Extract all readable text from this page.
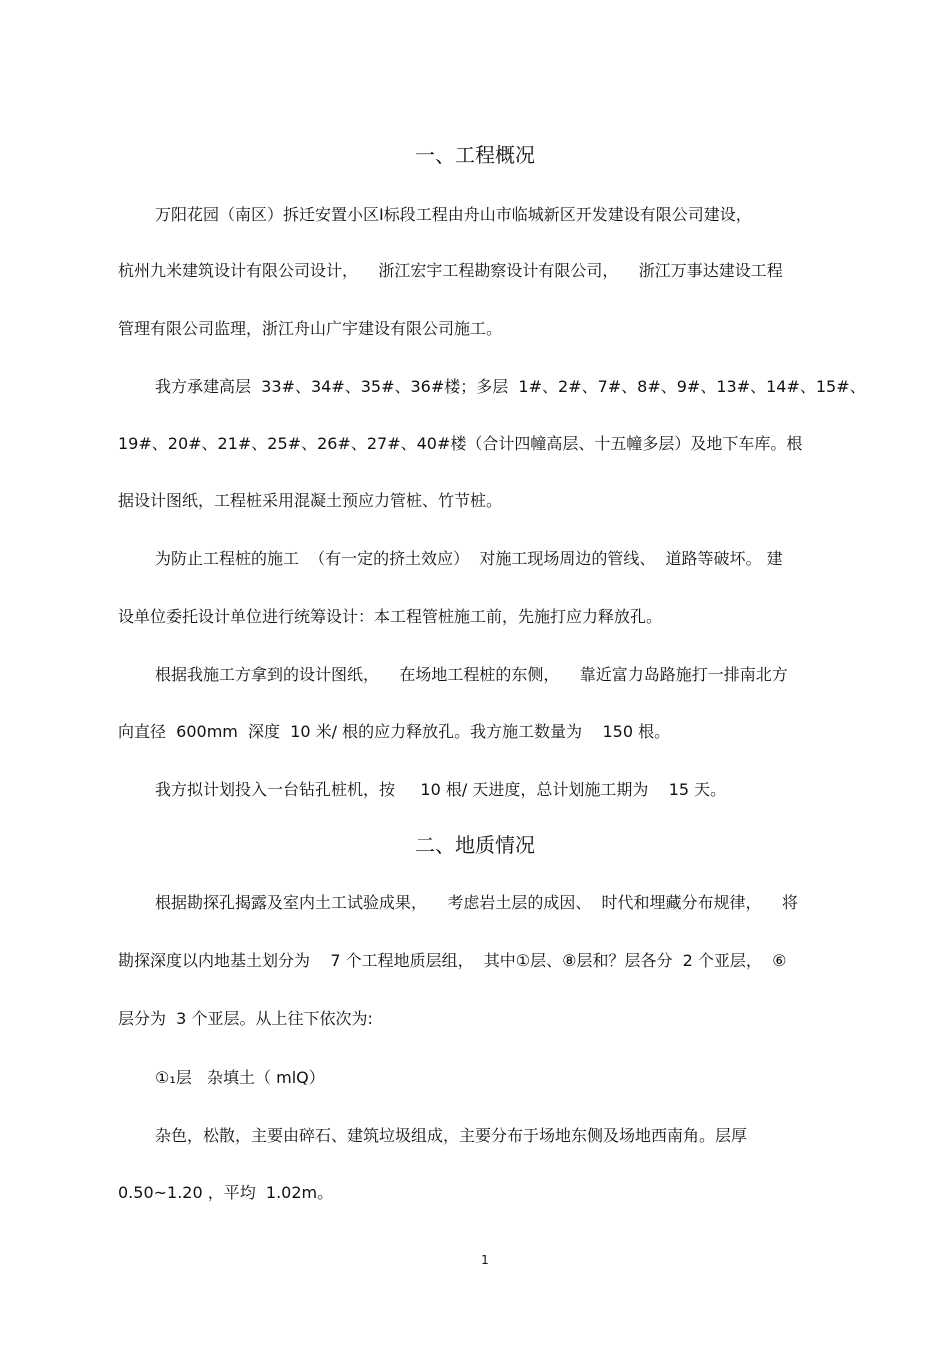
一、工程概况
万阳花园（南区）拆迁安置小区Ⅰ标段工程由舟山市临城新区开发建设有限公司建设，
杭州九米建筑设计有限公司设计，    浙江宏宇工程勘察设计有限公司，    浙江万事达建设工程
管理有限公司监理，浙江舟山广宇建设有限公司施工。
我方承建高层  33#、34#、35#、36#楼；多层  1#、2#、7#、8#、9#、13#、14#、15#、
19#、20#、21#、25#、26#、27#、40#楼（合计四幢高层、十五幢多层）及地下车库。根
据设计图纸，工程桩采用混凝土预应力管桩、竹节桩。
为防止工程桩的施工  （有一定的挤土效应）  对施工现场周边的管线、  道路等破坏。 建
设单位委托设计单位进行统筹设计：本工程管桩施工前，先施打应力释放孔。
根据我施工方拿到的设计图纸，    在场地工程桩的东侧，    靠近富力岛路施打一排南北方
向直径  600mm  深度  10 米/ 根的应力释放孔。我方施工数量为    150 根。
我方拟计划投入一台钻孔桩机，按     10 根/ 天进度，总计划施工期为    15 天。
二、地质情况
根据勘探孔揭露及室内土工试验成果，    考虑岩土层的成因、  时代和埋藏分布规律，    将
勘探深度以内地基土划分为    7 个工程地质层组，  其中①层、⑧层和？层各分  2 个亚层，  ⑥
层分为  3 个亚层。从上往下依次为:
①₁层   杂填土（ mlQ）
杂色，松散，主要由碎石、建筑垃圾组成，主要分布于场地东侧及场地西南角。层厚
0.50~1.20 ，平均  1.02m。
1
